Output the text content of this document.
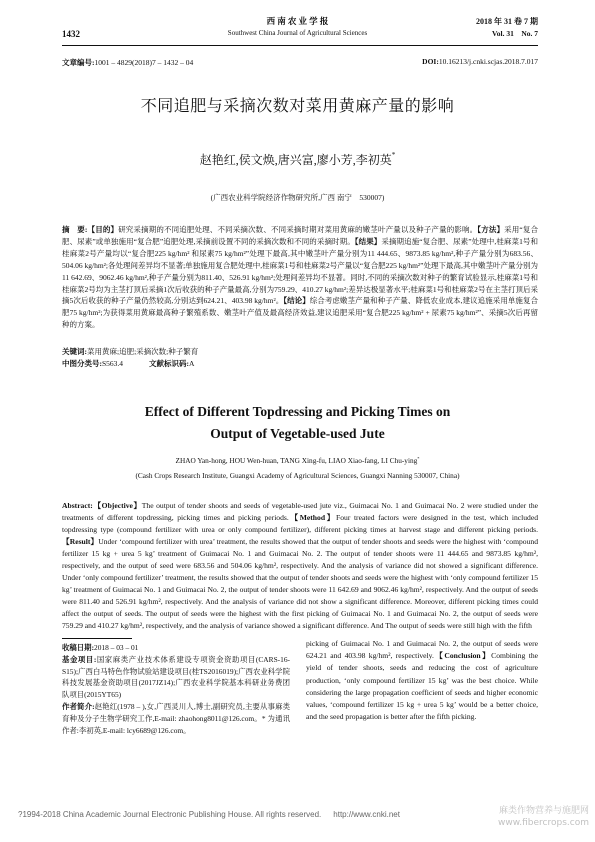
1432
西 南 农 业 学 报
Southwest China Journal of Agricultural Sciences
2018 年 31 卷 7 期
Vol. 31    No. 7
文章编号:1001 – 4829(2018)7 – 1432 – 04	DOI:10.16213/j.cnki.scjas.2018.7.017
不同追肥与采摘次数对菜用黄麻产量的影响
赵艳红,侯文焕,唐兴富,廖小芳,李初英*
(广西农业科学院经济作物研究所,广西 南宁　530007)
摘　要:【目的】研究采摘期的不同追肥处理、不同采摘次数、不同采摘时期对菜用黄麻的嫩茎叶产量以及种子产量的影响。【方法】采用“复合肥、尿素”或单独施用“复合肥”追肥处理,采摘前设置不同的采摘次数和不同的采摘时期。【结果】采摘期追施“复合肥、尿素”处理中,桂麻菜1号和桂麻菜2号产量均以“复合肥225 kg/hm² 和尿素75 kg/hm²”处理下最高,其中嫩茎叶产量分别为11 444.65、9873.85 kg/hm²,种子产量分别为683.56、504.06 kg/hm²;各处理间差异均不显著;单独施用复合肥处理中,桂麻菜1号和桂麻菜2号产量以“复合肥225 kg/hm²”处理下最高,其中嫩茎叶产量分别为11 642.69、9062.46 kg/hm²,种子产量分别为811.40、526.91 kg/hm²;处理间差异均不显著。同时,不同的采摘次数对种子的繁育试验显示,桂麻菜1号和桂麻菜2号均为主茎打顶后采摘1次后收获的种子产量最高,分别为759.29、410.27 kg/hm²;差异达极显著水平;桂麻菜1号和桂麻菜2号在主茎打顶后采摘5次后收获的种子产量仍然较高,分别达到624.21、403.98 kg/hm²。【结论】综合考虑嫩茎产量和种子产量、降低农业成本,建议追施采用单施复合肥75 kg/hm²;为获得菜用黄麻最高种子繁殖系数、嫩茎叶产值及最高经济效益,建议追肥采用“复合肥225 kg/hm² + 尿素75 kg/hm²”、采摘5次后再留种的方案。
关键词:菜用黄麻;追肥;采摘次数;种子繁育
中图分类号:S563.4	文献标识码:A
Effect of Different Topdressing and Picking Times on
Output of Vegetable-used Jute
ZHAO Yan-hong, HOU Wen-huan, TANG Xing-fu, LIAO Xiao-fang, LI Chu-ying*
(Cash Crops Research Institute, Guangxi Academy of Agricultural Sciences, Guangxi Nanning 530007, China)

Abstract:【Objective】The output of tender shoots and seeds of vegetable-used jute viz., Guimacai No. 1 and Guimacai No. 2 were studied under the treatments of different topdressing, picking times and picking periods.【Method】Four treated factors were designed in the test, which included topdressing type (compound fertilizer with urea or only compound fertilizer), different picking times at harvest stage and different picking periods.【Result】Under ‘compound fertilizer with urea’ treatment, the results showed that the output of tender shoots and seeds were the highest with ‘compound fertilizer 15 kg + urea 5 kg’ treatment of Guimacai No. 1 and Guimacai No. 2. The output of tender shoots were 11 444.65 and 9873.85 kg/hm², respectively, and the output of seed were 683.56 and 504.06 kg/hm², respectively. And the analysis of variance did not showed a significant difference. Under ‘only compound fertilizer’ treatment, the results showed that the output of tender shoots and seeds were the highest with ‘only compound fertilizer 15 kg’ treatment of Guimacai No. 1 and Guimacai No. 2, the output of tender shoots were 11 642.69 and 9062.46 kg/hm², respectively. And the output of seeds were 811.40 and 526.91 kg/hm², respectively. And the analysis of variance did not show a significant difference. Moreover, different picking times could affect the output of seeds. The output of seeds were the highest with the first picking of Guimacai No. 1 and Guimacai No. 2, the output of seeds were 759.29 and 410.27 kg/hm², respectively, and the analysis of variance showed a significant difference. And The output of seeds were still high with the fifth

收稿日期:2018 – 03 – 01

基金项目:国家麻类产业技术体系建设专项资金资助项目(CARS-16-S15);广西白马特色作物试验站建设项目(桂TS2016019);广西农业科学院科技发展基金资助项目(2017JZ14);广西农业科学院基本科研业务费团队项目(2015YT65)

作者简介:赵艳红(1978 – ),女,广西灵川人,博士,副研究员,主要从事麻类育种及分子生物学研究工作,E-mail: zhaohong8011@126.com。* 为通讯作者:李初英,E-mail: lcy6689@126.com。

picking of Guimacai No. 1 and Guimacai No. 2, the output of seeds were 624.21 and 403.98 kg/hm², respectively.【Conclusion】Combining the yield of tender shoots, seeds and reducing the cost of agriculture production, ‘only compound fertilizer 15 kg’ was the best choice. While considering the large propagation coefficient of seeds and higher economic values, ‘compound fertilizer 15 kg + urea 5 kg’ would be a better choice, and the seed propagation is better after the fifth picking.
?1994-2018 China Academic Journal Electronic Publishing House. All rights reserved. http://www.cnki.net	麻类作物营养与施肥网
www.fibercrops.com
